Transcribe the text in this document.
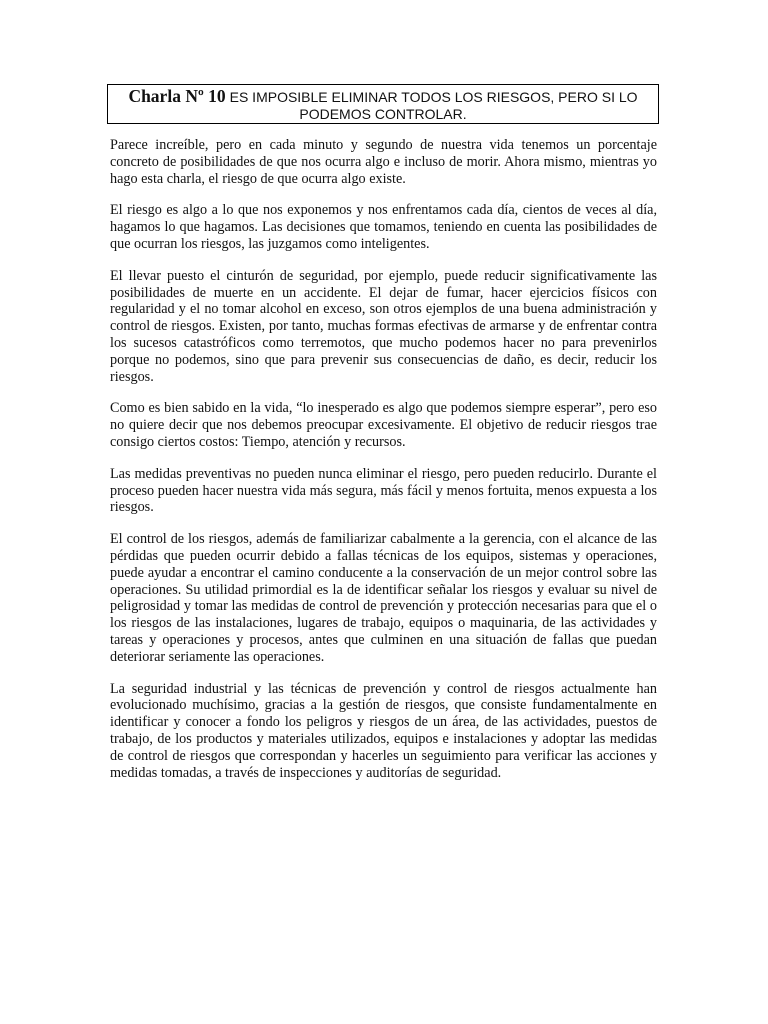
Charla Nº 10 ES IMPOSIBLE ELIMINAR TODOS LOS RIESGOS, PERO SI LO PODEMOS CONTROLAR.

Parece increíble, pero en cada minuto y segundo de nuestra vida tenemos un porcentaje concreto de posibilidades de que nos ocurra algo e incluso de morir. Ahora mismo, mientras yo hago esta charla, el riesgo de que ocurra algo existe.

El riesgo es algo a lo que nos exponemos y nos enfrentamos cada día, cientos de veces al día, hagamos lo que hagamos. Las decisiones que tomamos, teniendo en cuenta las posibilidades de que ocurran los riesgos, las juzgamos como inteligentes.

El llevar puesto el cinturón de seguridad, por ejemplo, puede reducir significativamente las posibilidades de muerte en un accidente. El dejar de fumar, hacer ejercicios físicos con regularidad y el no tomar alcohol en exceso, son otros ejemplos de una buena administración y control de riesgos. Existen, por tanto, muchas formas efectivas de armarse y de enfrentar contra los sucesos catastróficos como terremotos, que mucho podemos hacer no para prevenirlos porque no podemos, sino que para prevenir sus consecuencias de daño, es decir, reducir los riesgos.

Como es bien sabido en la vida, “lo inesperado es algo que podemos siempre esperar”, pero eso no quiere decir que nos debemos preocupar excesivamente. El objetivo de reducir riesgos trae consigo ciertos costos: Tiempo, atención y recursos.

Las medidas preventivas no pueden nunca eliminar el riesgo, pero pueden reducirlo. Durante el proceso pueden hacer nuestra vida más segura, más fácil y menos fortuita, menos expuesta a los riesgos.

El control de los riesgos, además de familiarizar cabalmente a la gerencia, con el alcance de las pérdidas que pueden ocurrir debido a fallas técnicas de los equipos, sistemas y operaciones, puede ayudar a encontrar el camino conducente a la conservación de un mejor control sobre las operaciones. Su utilidad primordial es la de identificar señalar los riesgos y evaluar su nivel de peligrosidad y tomar las medidas de control de prevención y protección necesarias para que el o los riesgos de las instalaciones, lugares de trabajo, equipos o maquinaria, de las actividades y tareas y operaciones y procesos, antes que culminen en una situación de fallas que puedan deteriorar seriamente las operaciones.

La seguridad industrial y las técnicas de prevención y control de riesgos actualmente han evolucionado muchísimo, gracias a la gestión de riesgos, que consiste fundamentalmente en identificar y conocer a fondo los peligros y riesgos de un área, de las actividades, puestos de trabajo, de los productos y materiales utilizados, equipos e instalaciones y adoptar las medidas de control de riesgos que correspondan y hacerles un seguimiento para verificar las acciones y medidas tomadas, a través de inspecciones y auditorías de seguridad.
